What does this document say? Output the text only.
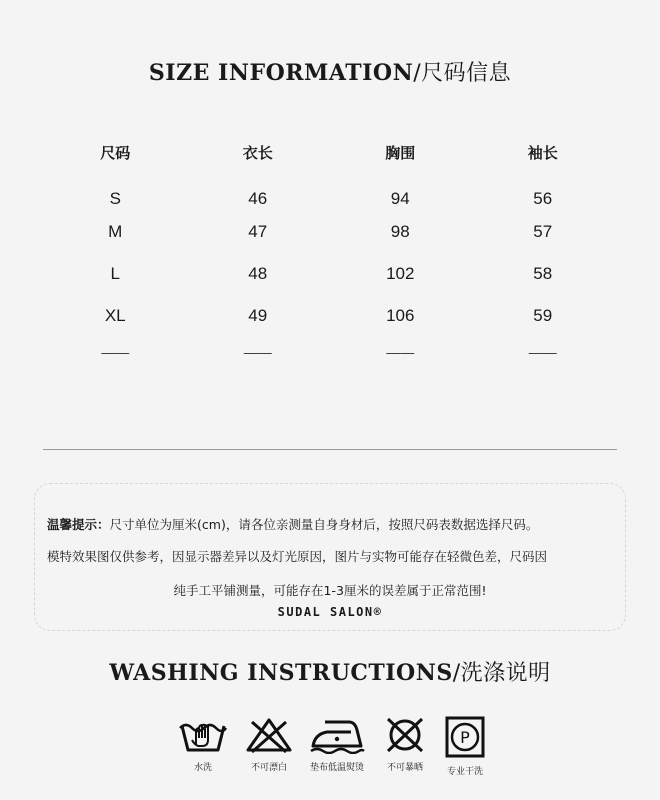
SIZE INFORMATION/尺码信息
尺码	衣长	胸围	袖长
S	46	94	56
M	47	98	57
L	48	102	58
XL	49	106	59
——	——	——	——
温馨提示：尺寸单位为厘米(cm)，请各位亲测量自身身材后，按照尺码表数据选择尺码。
模特效果图仅供参考，因显示器差异以及灯光原因，图片与实物可能存在轻微色差，尺码因
纯手工平铺测量，可能存在1-3厘米的误差属于正常范围!
SUDAL SALON®
WASHING INSTRUCTIONS/洗涤说明
水洗	不可漂白	垫布低温熨烫	不可暴晒
P
专业干洗
